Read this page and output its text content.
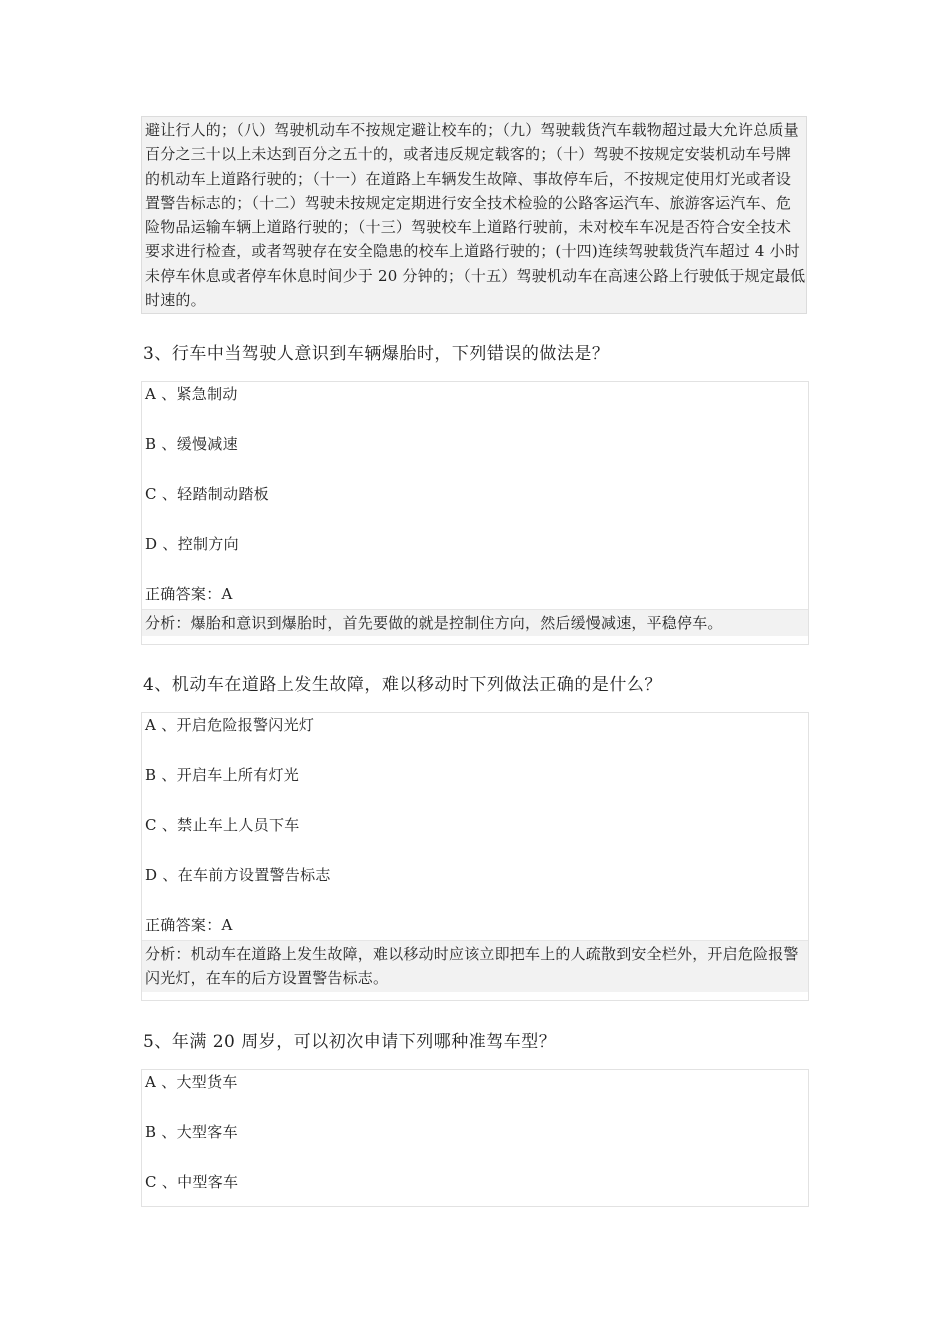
避让行人的；（八）驾驶机动车不按规定避让校车的；（九）驾驶载货汽车载物超过最大允许总质量百分之三十以上未达到百分之五十的，或者违反规定载客的；（十）驾驶不按规定安装机动车号牌的机动车上道路行驶的；（十一）在道路上车辆发生故障、事故停车后，不按规定使用灯光或者设置警告标志的；（十二）驾驶未按规定定期进行安全技术检验的公路客运汽车、旅游客运汽车、危险物品运输车辆上道路行驶的；（十三）驾驶校车上道路行驶前，未对校车车况是否符合安全技术要求进行检查，或者驾驶存在安全隐患的校车上道路行驶的；(十四)连续驾驶载货汽车超过 4 小时未停车休息或者停车休息时间少于 20 分钟的；（十五）驾驶机动车在高速公路上行驶低于规定最低时速的。
3、行车中当驾驶人意识到车辆爆胎时，下列错误的做法是？
A 、紧急制动
B 、缓慢减速
C 、轻踏制动踏板
D 、控制方向
正确答案：A
分析：爆胎和意识到爆胎时，首先要做的就是控制住方向，然后缓慢减速，平稳停车。
4、机动车在道路上发生故障，难以移动时下列做法正确的是什么？
A 、开启危险报警闪光灯
B 、开启车上所有灯光
C 、禁止车上人员下车
D 、在车前方设置警告标志
正确答案：A
分析：机动车在道路上发生故障，难以移动时应该立即把车上的人疏散到安全栏外，开启危险报警闪光灯，在车的后方设置警告标志。
5、年满 20 周岁，可以初次申请下列哪种准驾车型？
A 、大型货车
B 、大型客车
C 、中型客车
